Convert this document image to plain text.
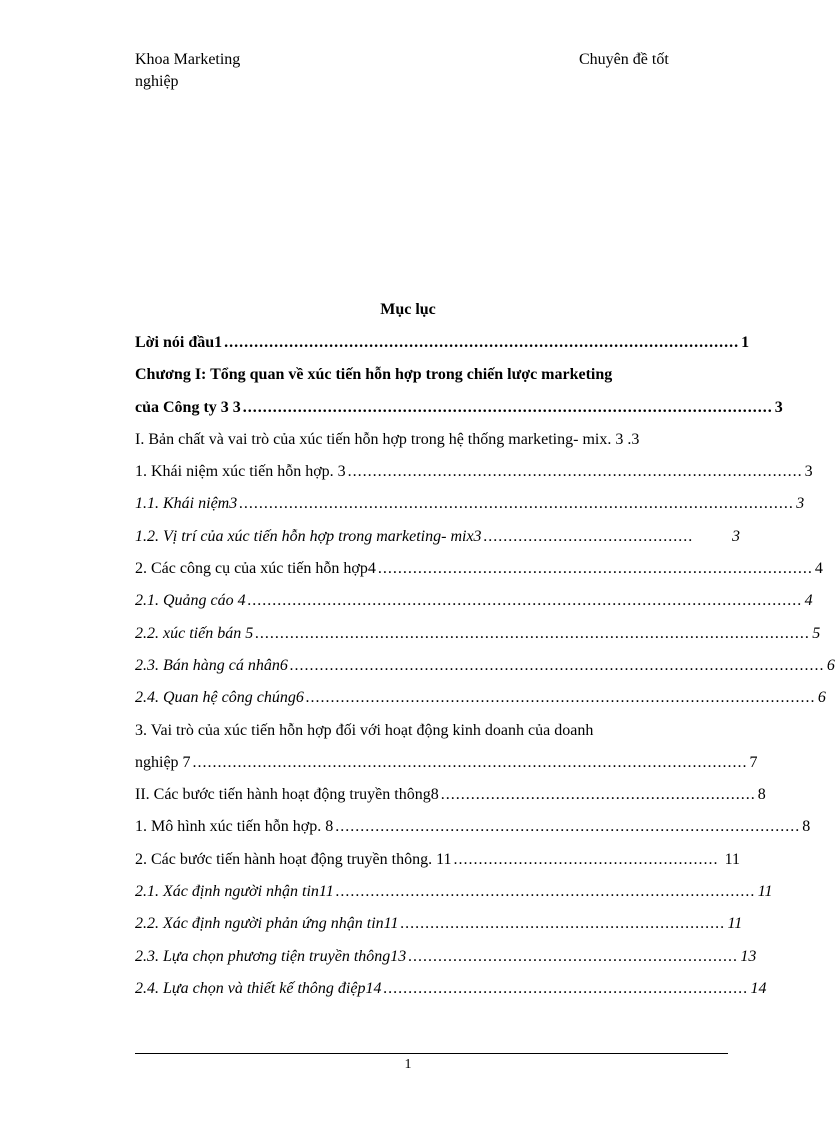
Khoa Marketing
nghiệp
Chuyên đề tốt
Mục lục
Lời nói đầu1 ....................................................................................................... 1
Chương I: Tổng quan về xúc tiến hỗn hợp trong chiến lược marketing
của Công ty 3 3 .......................................................................................................... 3
I. Bản chất và vai trò của xúc tiến hỗn hợp trong hệ thống marketing- mix. 3 .3
1. Khái niệm xúc tiến hỗn hợp. 3 ........................................................................................... 3
1.1. Khái niệm3 ............................................................................................................... 3
1.2. Vị trí của xúc tiến hỗn hợp trong marketing- mix3 ..........................................	3
2. Các công cụ của xúc tiến hỗn hợp4 ....................................................................................... 4
2.1. Quảng cáo 4 ............................................................................................................... 4
2.2. xúc tiến bán 5 ............................................................................................................... 5
2.3. Bán hàng cá nhân6 ........................................................................................................... 6
2.4. Quan hệ công chúng6 ...................................................................................................... 6
3. Vai trò của xúc tiến hỗn hợp đối với hoạt động kinh doanh của doanh
nghiệp 7 ............................................................................................................... 7
II. Các bước tiến hành hoạt động truyền thông8 ............................................................... 8
1. Mô hình xúc tiến hỗn hợp. 8 ............................................................................................. 8
2. Các bước tiến hành hoạt động truyền thông. 11 ..................................................... 11
2.1. Xác định người nhận tin11 .................................................................................... 11
2.2. Xác định người phản ứng nhận tin11 ................................................................. 11
2.3. Lựa chọn phương tiện truyền thông13 .................................................................. 13
2.4. Lựa chọn và thiết kế thông điệp14 ......................................................................... 14
1
